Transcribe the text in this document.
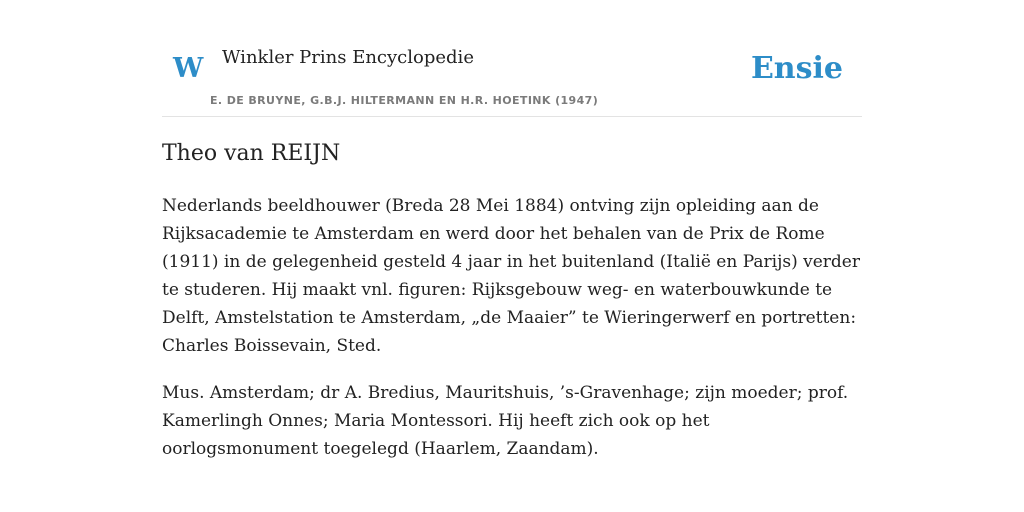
W Winkler Prins Encyclopedie
E. DE BRUYNE, G.B.J. HILTERMANN EN H.R. HOETINK (1947)
Ensie
Theo van REIJN

Nederlands beeldhouwer (Breda 28 Mei 1884) ontving zijn opleiding aan de Rijksacademie te Amsterdam en werd door het behalen van de Prix de Rome (1911) in de gelegenheid gesteld 4 jaar in het buitenland (Italië en Parijs) verder te studeren. Hij maakt vnl. figuren: Rijksgebouw weg- en waterbouwkunde te Delft, Amstelstation te Amsterdam, „de Maaier” te Wieringerwerf en portretten: Charles Boissevain, Sted.

Mus. Amsterdam; dr A. Bredius, Mauritshuis, ’s-Gravenhage; zijn moeder; prof. Kamerlingh Onnes; Maria Montessori. Hij heeft zich ook op het oorlogsmonument toegelegd (Haarlem, Zaandam).
